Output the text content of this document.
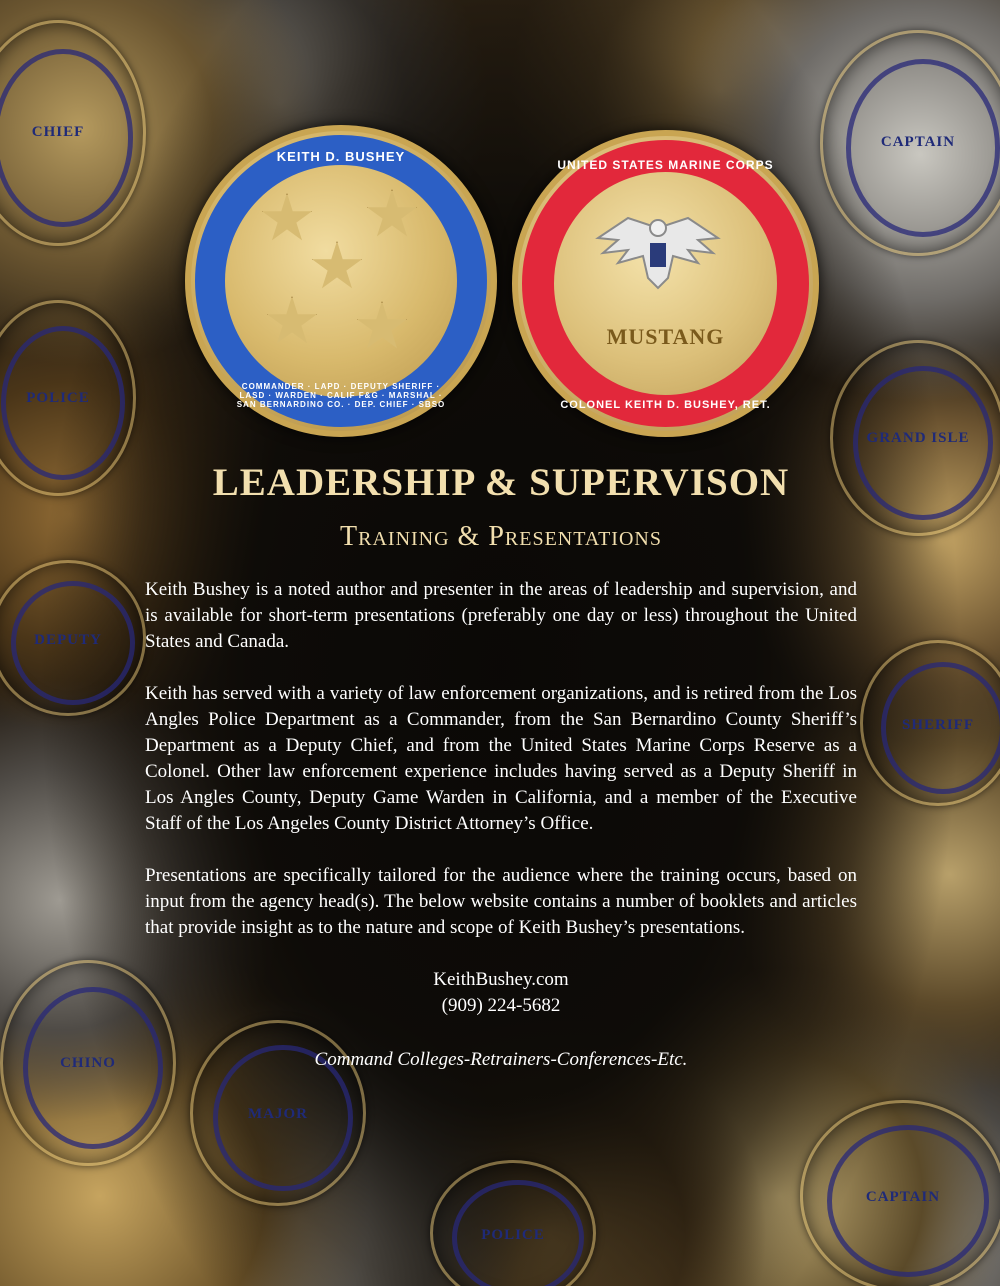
CHIEF
CAPTAIN
GRAND ISLE
POLICE
DEPUTY
SHERIFF
CHINO
MAJOR
CAPTAIN
POLICE
KEITH D. BUSHEY
COMMANDER · LAPD · DEPUTY SHERIFF · LASD · WARDEN · CALIF F&G · MARSHAL · SAN BERNARDINO CO. · DEP. CHIEF · SBSO
UNITED STATES MARINE CORPS
MUSTANG
COLONEL KEITH D. BUSHEY, RET.
LEADERSHIP & SUPERVISON
Training & Presentations

Keith Bushey is a noted author and presenter in the areas of leadership and supervision, and is available for short-term presentations (preferably one day or less) throughout the United States and Canada.

Keith has served with a variety of law enforcement organizations, and is retired from the Los Angles Police Department as a Commander, from the San Bernardino County Sheriff’s Department as a Deputy Chief, and from the United States Marine Corps Reserve as a Colonel. Other law enforcement experience includes having served as a Deputy Sheriff in Los Angles County, Deputy Game Warden in California, and a member of the Executive Staff of the Los Angeles County District Attorney’s Office.

Presentations are specifically tailored for the audience where the training occurs, based on input from the agency head(s). The below website contains a number of booklets and articles that provide insight as to the nature and scope of Keith Bushey’s presentations.

KeithBushey.com
(909) 224-5682
Command Colleges-Retrainers-Conferences-Etc.
